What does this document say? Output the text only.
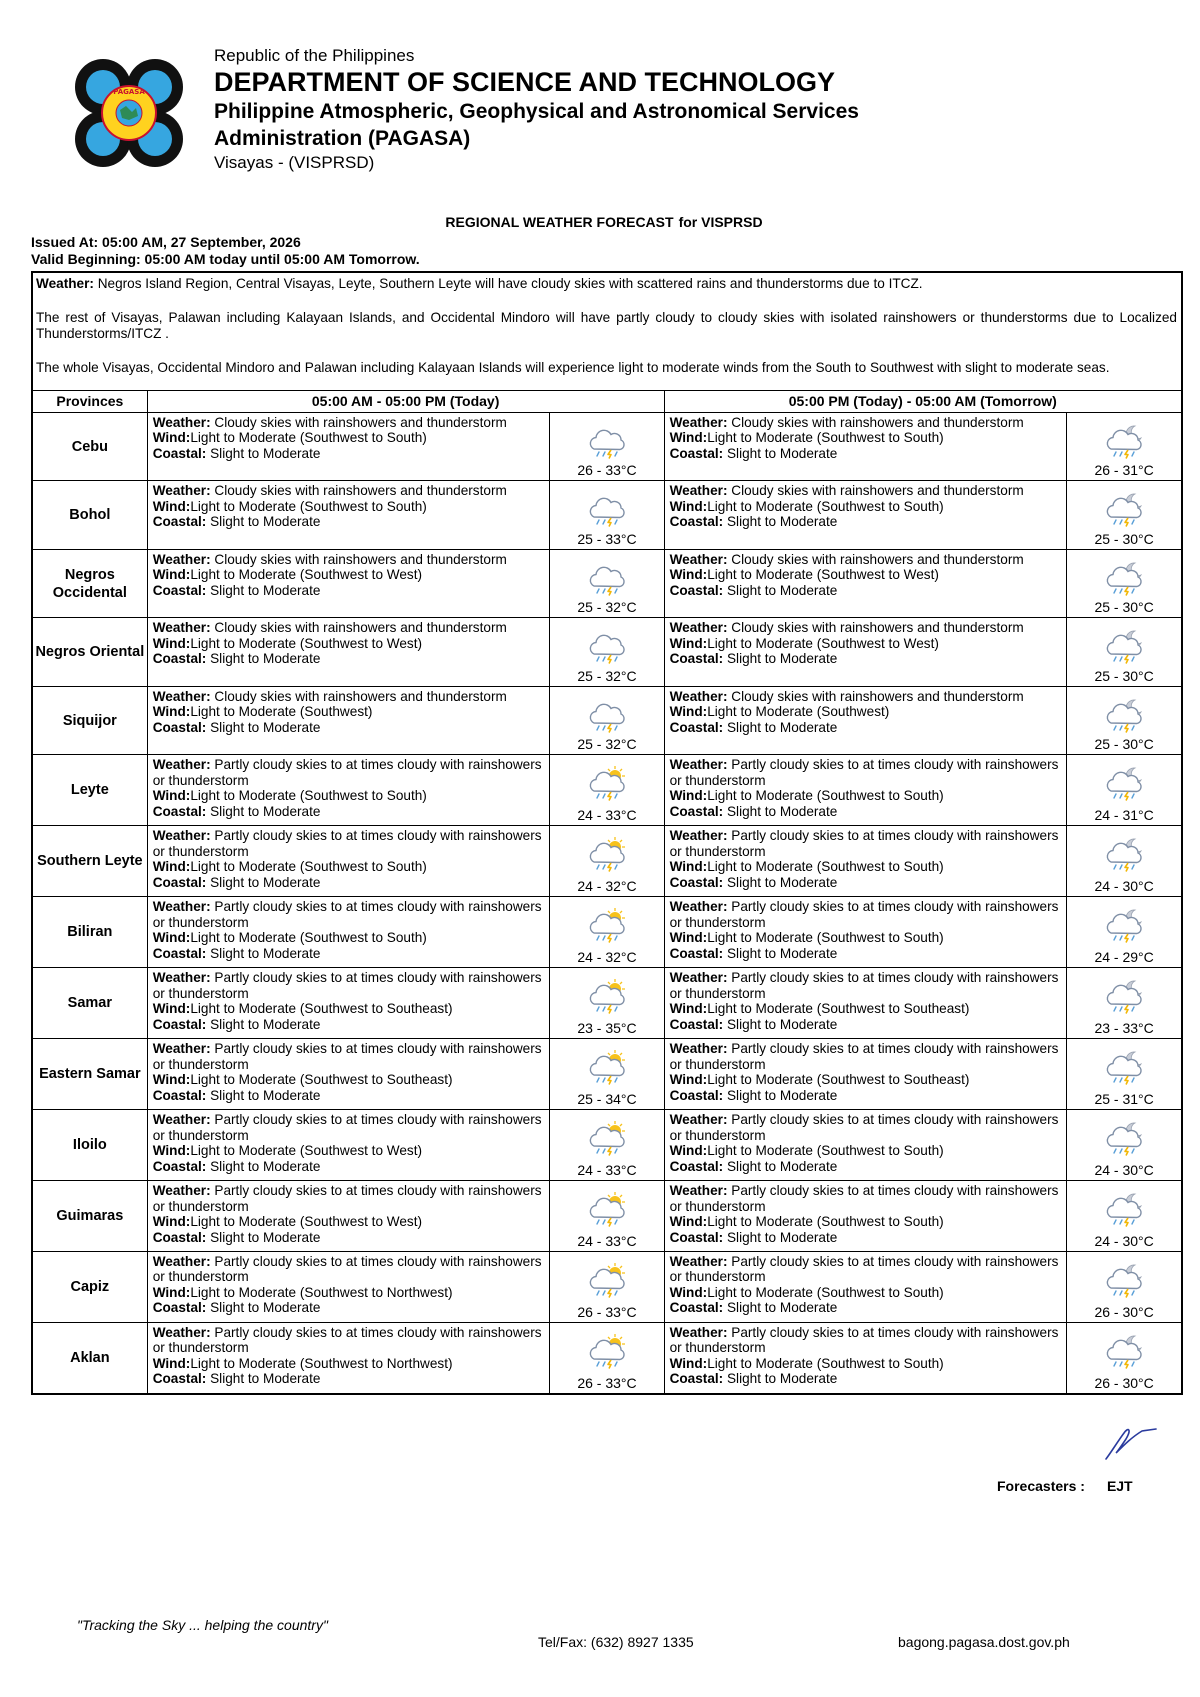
PAGASA
Republic of the Philippines
DEPARTMENT OF SCIENCE AND TECHNOLOGY
Philippine Atmospheric, Geophysical and Astronomical Services
Administration (PAGASA)
Visayas - (VISPRSD)
REGIONAL WEATHER FORECAST for VISPRSD
Issued At: 05:00 AM, 27 September, 2026
Valid Beginning: 05:00 AM today until 05:00 AM Tomorrow.

Weather: Negros Island Region, Central Visayas, Leyte, Southern Leyte will have cloudy skies with scattered rains and thunderstorms due to ITCZ.

The rest of Visayas, Palawan including Kalayaan Islands, and Occidental Mindoro will have partly cloudy to cloudy skies with isolated rainshowers or thunderstorms due to Localized Thunderstorms/ITCZ .

The whole Visayas, Occidental Mindoro and Palawan including Kalayaan Islands will experience light to moderate winds from the South to Southwest with slight to moderate seas.				

Provinces	05:00 AM - 05:00 PM (Today)		05:00 PM (Today) - 05:00 AM (Tomorrow)	
Cebu	Weather: Cloudy skies with rainshowers and thunderstorm
Wind:Light to Moderate (Southwest to South)
Coastal: Slight to Moderate	26 - 33°C	Weather: Cloudy skies with rainshowers and thunderstorm
Wind:Light to Moderate (Southwest to South)
Coastal: Slight to Moderate	26 - 31°C

Bohol	Weather: Cloudy skies with rainshowers and thunderstorm
Wind:Light to Moderate (Southwest to South)
Coastal: Slight to Moderate	25 - 33°C	Weather: Cloudy skies with rainshowers and thunderstorm
Wind:Light to Moderate (Southwest to South)
Coastal: Slight to Moderate	25 - 30°C

Negros Occidental	Weather: Cloudy skies with rainshowers and thunderstorm
Wind:Light to Moderate (Southwest to West)
Coastal: Slight to Moderate	25 - 32°C	Weather: Cloudy skies with rainshowers and thunderstorm
Wind:Light to Moderate (Southwest to West)
Coastal: Slight to Moderate	25 - 30°C

Negros Oriental	Weather: Cloudy skies with rainshowers and thunderstorm
Wind:Light to Moderate (Southwest to West)
Coastal: Slight to Moderate	25 - 32°C	Weather: Cloudy skies with rainshowers and thunderstorm
Wind:Light to Moderate (Southwest to West)
Coastal: Slight to Moderate	25 - 30°C

Siquijor	Weather: Cloudy skies with rainshowers and thunderstorm
Wind:Light to Moderate (Southwest)
Coastal: Slight to Moderate	25 - 32°C	Weather: Cloudy skies with rainshowers and thunderstorm
Wind:Light to Moderate (Southwest)
Coastal: Slight to Moderate	25 - 30°C

Leyte	Weather: Partly cloudy skies to at times cloudy with rainshowers or thunderstorm
Wind:Light to Moderate (Southwest to South)
Coastal: Slight to Moderate	24 - 33°C	Weather: Partly cloudy skies to at times cloudy with rainshowers or thunderstorm
Wind:Light to Moderate (Southwest to South)
Coastal: Slight to Moderate	24 - 31°C

Southern Leyte	Weather: Partly cloudy skies to at times cloudy with rainshowers or thunderstorm
Wind:Light to Moderate (Southwest to South)
Coastal: Slight to Moderate	24 - 32°C	Weather: Partly cloudy skies to at times cloudy with rainshowers or thunderstorm
Wind:Light to Moderate (Southwest to South)
Coastal: Slight to Moderate	24 - 30°C

Biliran	Weather: Partly cloudy skies to at times cloudy with rainshowers or thunderstorm
Wind:Light to Moderate (Southwest to South)
Coastal: Slight to Moderate	24 - 32°C	Weather: Partly cloudy skies to at times cloudy with rainshowers or thunderstorm
Wind:Light to Moderate (Southwest to South)
Coastal: Slight to Moderate	24 - 29°C

Samar	Weather: Partly cloudy skies to at times cloudy with rainshowers or thunderstorm
Wind:Light to Moderate (Southwest to Southeast)
Coastal: Slight to Moderate	23 - 35°C	Weather: Partly cloudy skies to at times cloudy with rainshowers or thunderstorm
Wind:Light to Moderate (Southwest to Southeast)
Coastal: Slight to Moderate	23 - 33°C

Eastern Samar	Weather: Partly cloudy skies to at times cloudy with rainshowers or thunderstorm
Wind:Light to Moderate (Southwest to Southeast)
Coastal: Slight to Moderate	25 - 34°C	Weather: Partly cloudy skies to at times cloudy with rainshowers or thunderstorm
Wind:Light to Moderate (Southwest to Southeast)
Coastal: Slight to Moderate	25 - 31°C

Iloilo	Weather: Partly cloudy skies to at times cloudy with rainshowers or thunderstorm
Wind:Light to Moderate (Southwest to West)
Coastal: Slight to Moderate	24 - 33°C	Weather: Partly cloudy skies to at times cloudy with rainshowers or thunderstorm
Wind:Light to Moderate (Southwest to South)
Coastal: Slight to Moderate	24 - 30°C

Guimaras	Weather: Partly cloudy skies to at times cloudy with rainshowers or thunderstorm
Wind:Light to Moderate (Southwest to West)
Coastal: Slight to Moderate	24 - 33°C	Weather: Partly cloudy skies to at times cloudy with rainshowers or thunderstorm
Wind:Light to Moderate (Southwest to South)
Coastal: Slight to Moderate	24 - 30°C

Capiz	Weather: Partly cloudy skies to at times cloudy with rainshowers or thunderstorm
Wind:Light to Moderate (Southwest to Northwest)
Coastal: Slight to Moderate	26 - 33°C	Weather: Partly cloudy skies to at times cloudy with rainshowers or thunderstorm
Wind:Light to Moderate (Southwest to South)
Coastal: Slight to Moderate	26 - 30°C

Aklan	Weather: Partly cloudy skies to at times cloudy with rainshowers or thunderstorm
Wind:Light to Moderate (Southwest to Northwest)
Coastal: Slight to Moderate	26 - 33°C	Weather: Partly cloudy skies to at times cloudy with rainshowers or thunderstorm
Wind:Light to Moderate (Southwest to South)
Coastal: Slight to Moderate	26 - 30°C
Forecasters : EJT
"Tracking the Sky ... helping the country"
Tel/Fax: (632) 8927 1335	bagong.pagasa.dost.gov.ph
